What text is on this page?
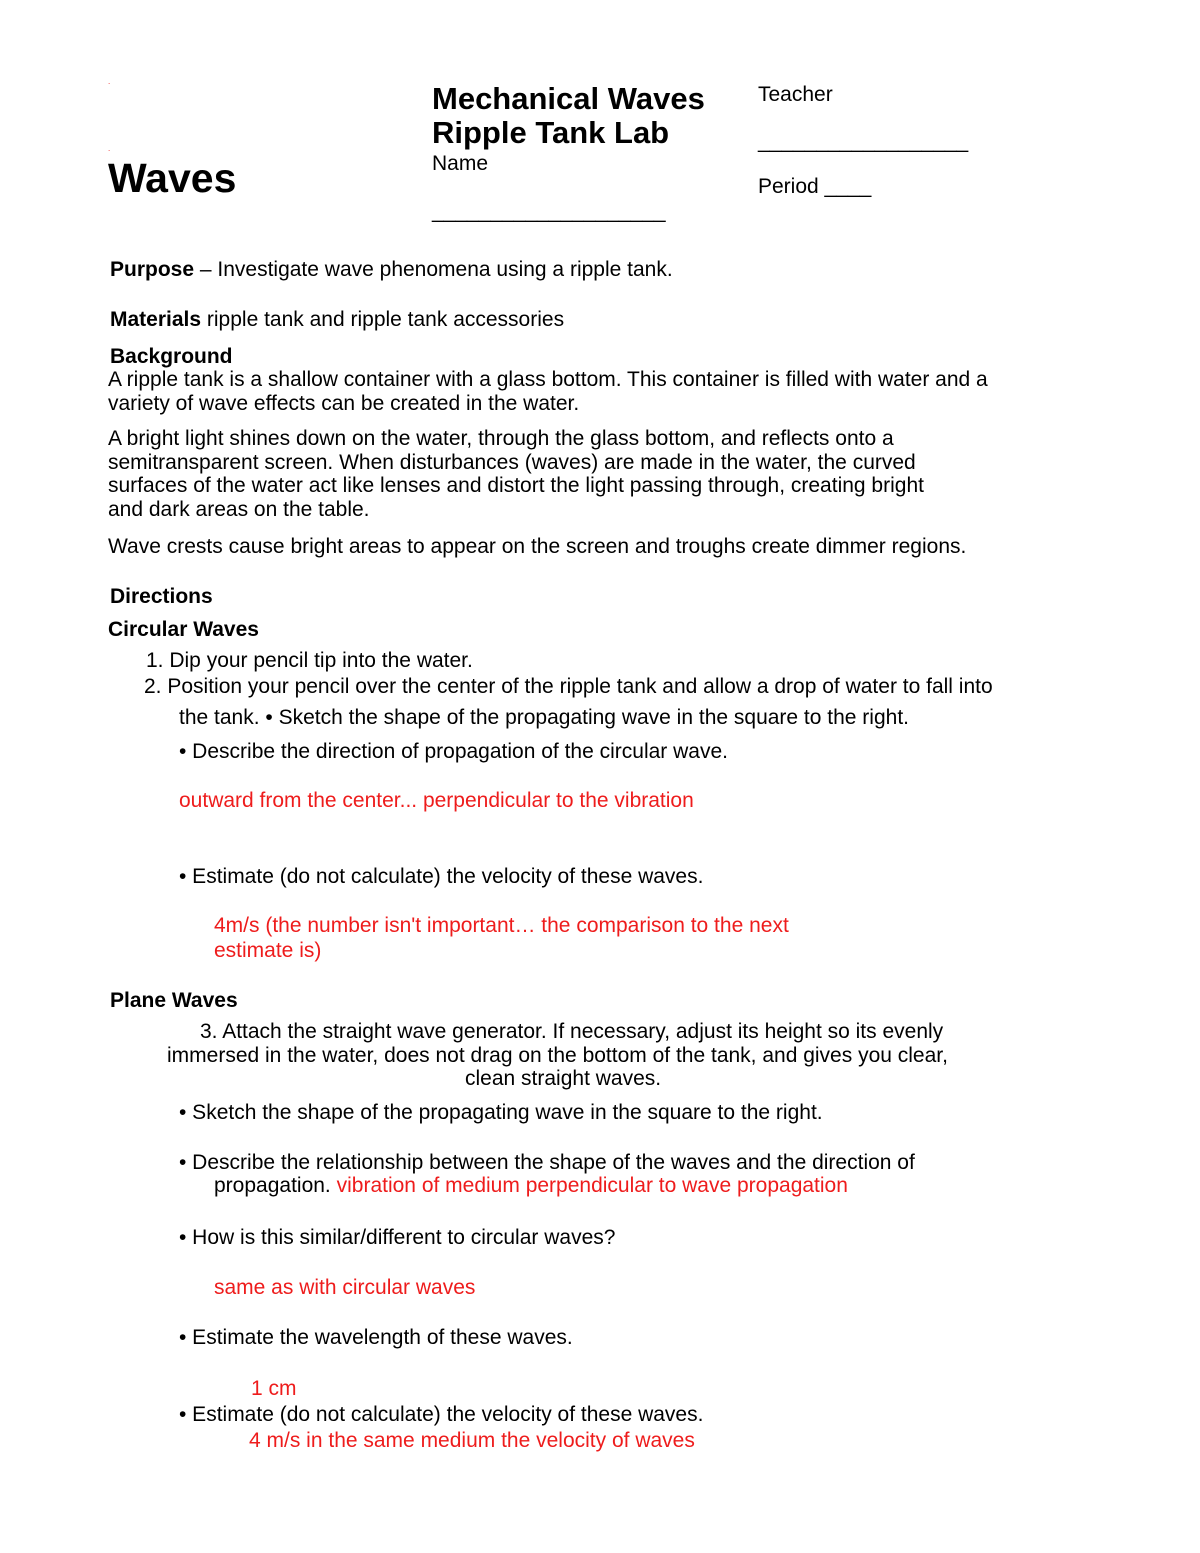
.
.
Waves
Mechanical Waves
Ripple Tank Lab
Name
____________________
Teacher
__________________
Period ____
Purpose – Investigate wave phenomena using a ripple tank.
Materials ripple tank and ripple tank accessories
Background
A ripple tank is a shallow container with a glass bottom. This container is filled with water and a
variety of wave effects can be created in the water.
A bright light shines down on the water, through the glass bottom, and reflects onto a
semitransparent screen. When disturbances (waves) are made in the water, the curved
surfaces of the water act like lenses and distort the light passing through, creating bright
and dark areas on the table.
Wave crests cause bright areas to appear on the screen and troughs create dimmer regions.
Directions
Circular Waves
1. Dip your pencil tip into the water.
2. Position your pencil over the center of the ripple tank and allow a drop of water to fall into
the tank. • Sketch the shape of the propagating wave in the square to the right.
• Describe the direction of propagation of the circular wave.
outward from the center... perpendicular to the vibration
• Estimate (do not calculate) the velocity of these waves.
4m/s (the number isn't important… the comparison to the next
estimate is)
Plane Waves
3. Attach the straight wave generator. If necessary, adjust its height so its evenly
immersed in the water, does not drag on the bottom of the tank, and gives you clear,
clean straight waves.
• Sketch the shape of the propagating wave in the square to the right.
• Describe the relationship between the shape of the waves and the direction of
propagation. vibration of medium perpendicular to wave propagation
• How is this similar/different to circular waves?
same as with circular waves
• Estimate the wavelength of these waves.
1 cm
• Estimate (do not calculate) the velocity of these waves.
4 m/s in the same medium the velocity of waves
